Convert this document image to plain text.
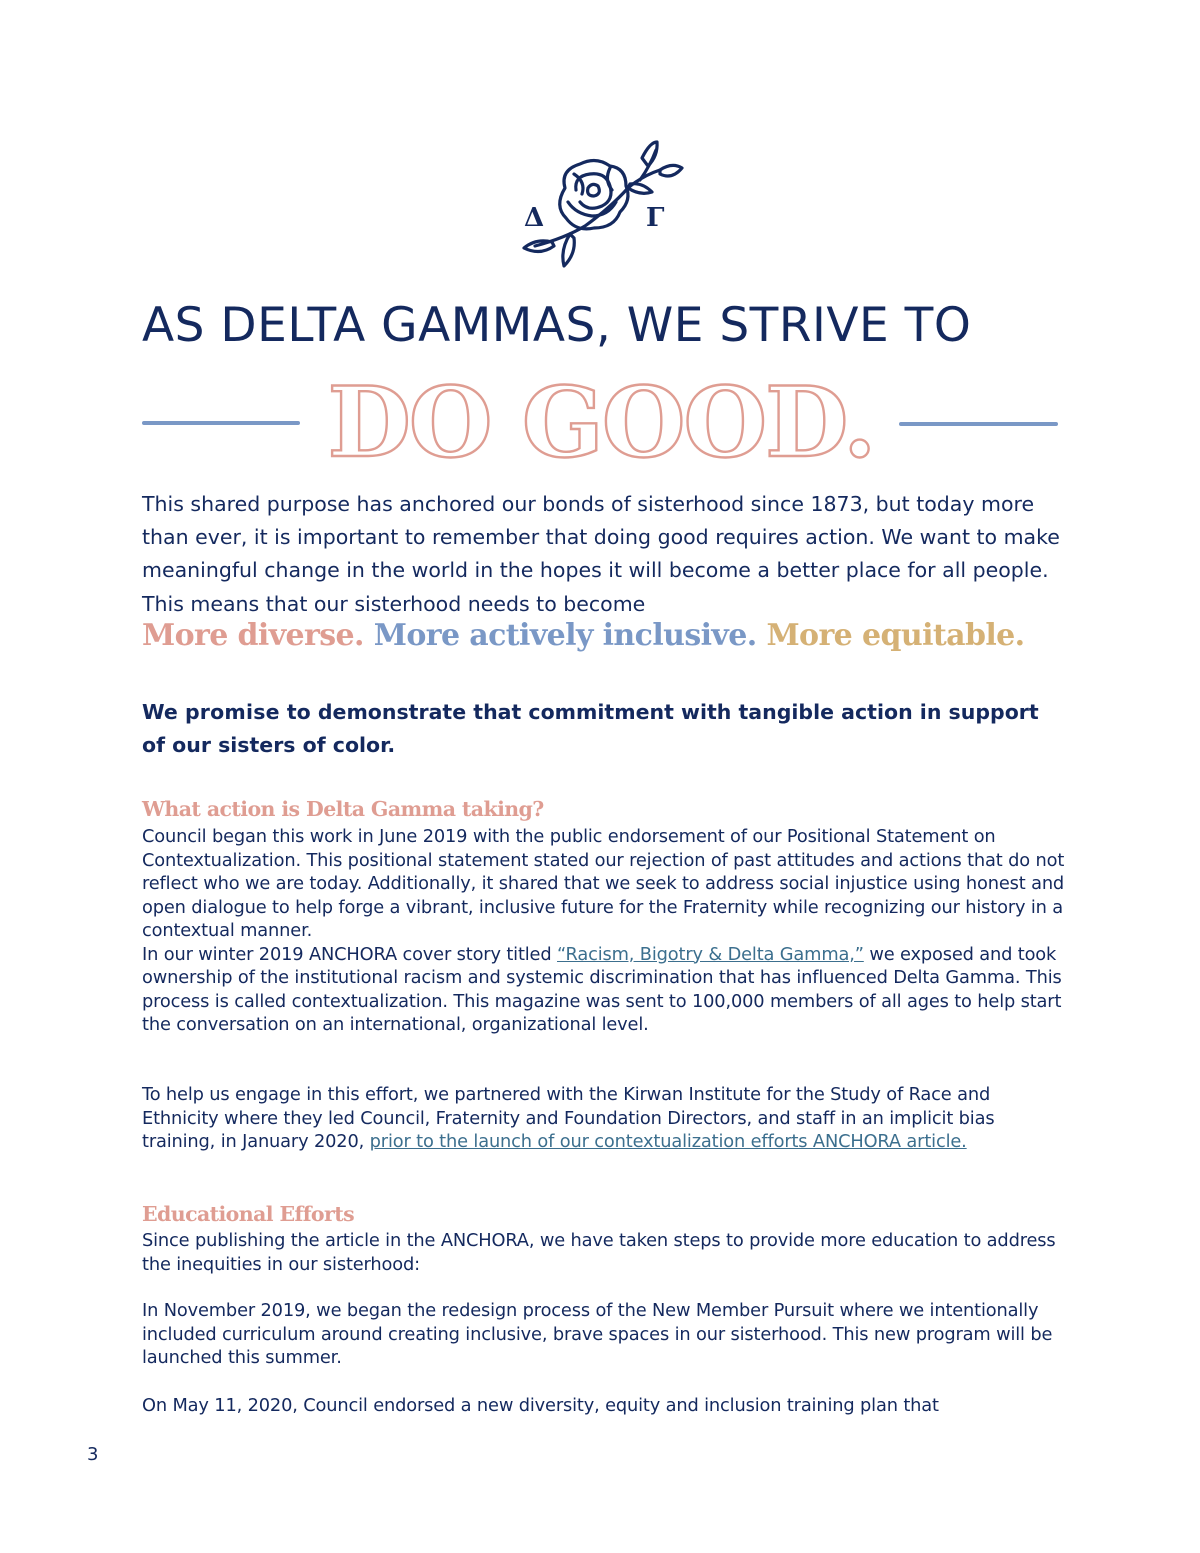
Δ	Γ
AS DELTA GAMMAS, WE STRIVE TO
DO GOOD.

This shared purpose has anchored our bonds of sisterhood since 1873, but today more than ever, it is important to remember that doing good requires action. We want to make meaningful change in the world in the hopes it will become a better place for all people. This means that our sisterhood needs to become

More diverse. More actively inclusive. More equitable.

We promise to demonstrate that commitment with tangible action in support of our sisters of color.

What action is Delta Gamma taking?

Council began this work in June 2019 with the public endorsement of our Positional Statement on Contextualization. This positional statement stated our rejection of past attitudes and actions that do not reflect who we are today. Additionally, it shared that we seek to address social injustice using honest and open dialogue to help forge a vibrant, inclusive future for the Fraternity while recognizing our history in a contextual manner.
In our winter 2019 ANCHORA cover story titled “Racism, Bigotry & Delta Gamma,” we exposed and took ownership of the institutional racism and systemic discrimination that has influenced Delta Gamma. This process is called contextualization. This magazine was sent to 100,000 members of all ages to help start the conversation on an international, organizational level.

To help us engage in this effort, we partnered with the Kirwan Institute for the Study of Race and Ethnicity where they led Council, Fraternity and Foundation Directors, and staff in an implicit bias training, in January 2020, prior to the launch of our contextualization efforts ANCHORA article.

Educational Efforts

Since publishing the article in the ANCHORA, we have taken steps to provide more education to address the inequities in our sisterhood:

In November 2019, we began the redesign process of the New Member Pursuit where we intentionally included curriculum around creating inclusive, brave spaces in our sisterhood. This new program will be launched this summer.

On May 11, 2020, Council endorsed a new diversity, equity and inclusion training plan that

3
